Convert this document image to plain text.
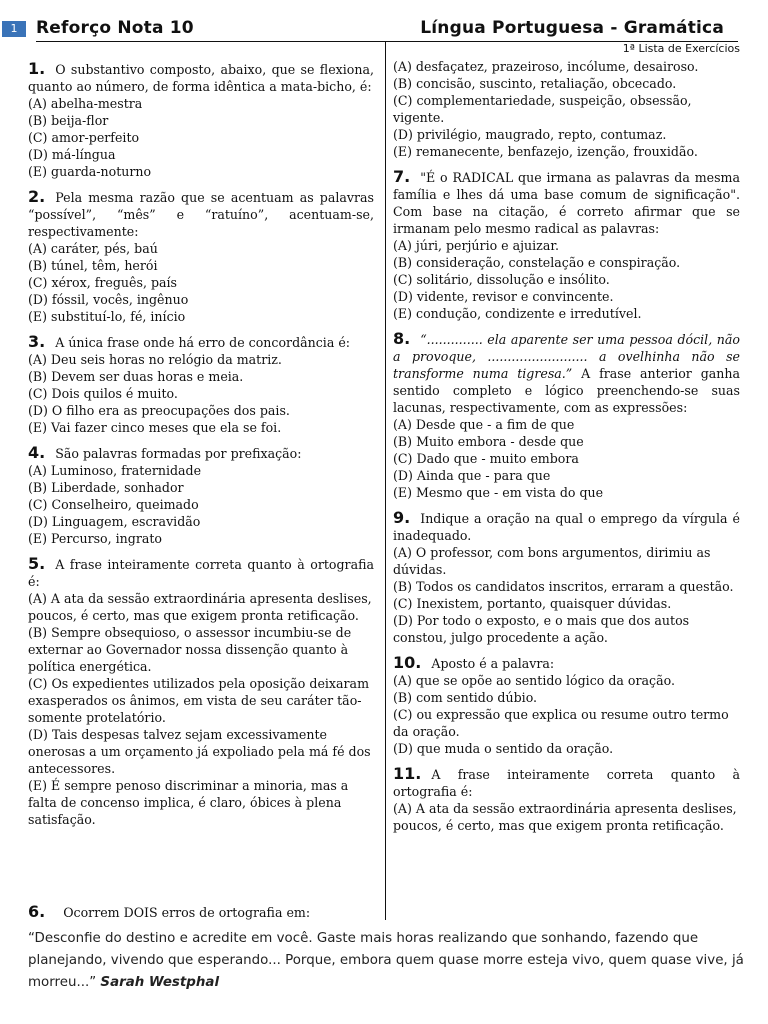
1	Reforço Nota 10	Língua Portuguesa - Gramática
1ª Lista de Exercícios
1. O substantivo composto, abaixo, que se flexiona, quanto ao número, de forma idêntica a mata-bicho, é:
(A) abelha-mestra
(B) beija-flor
(C) amor-perfeito
(D) má-língua
(E) guarda-noturno
2. Pela mesma razão que se acentuam as palavras “possível”, “mês” e “ratuíno”, acentuam-se, respectivamente:
(A) caráter, pés, baú
(B) túnel, têm, herói
(C) xérox, freguês, país
(D) fóssil, vocês, ingênuo
(E) substituí-lo, fé, início
3. A única frase onde há erro de concordância é:
(A) Deu seis horas no relógio da matriz.
(B) Devem ser duas horas e meia.
(C) Dois quilos é muito.
(D) O filho era as preocupações dos pais.
(E) Vai fazer cinco meses que ela se foi.
4. São palavras formadas por prefixação:
(A) Luminoso, fraternidade
(B) Liberdade, sonhador
(C) Conselheiro, queimado
(D) Linguagem, escravidão
(E) Percurso, ingrato
5. A frase inteiramente correta quanto à ortografia é:
(A) A ata da sessão extraordinária apresenta deslises, poucos, é certo, mas que exigem pronta retificação.
(B) Sempre obsequioso, o assessor incumbiu-se de externar ao Governador nossa dissenção quanto à política energética.
(C) Os expedientes utilizados pela oposição deixaram exasperados os ânimos, em vista de seu caráter tão-somente protelatório.
(D) Tais despesas talvez sejam excessivamente onerosas a um orçamento já expoliado pela má fé dos antecessores.
(E) É sempre penoso discriminar a minoria, mas a falta de concenso implica, é claro, óbices à plena satisfação.
(A) desfaçatez, prazeiroso, incólume, desairoso.
(B) concisão, suscinto, retaliação, obcecado.
(C) complementariedade, suspeição, obsessão, vigente.
(D) privilégio, maugrado, repto, contumaz.
(E) remanecente, benfazejo, izenção, frouxidão.
7. "É o RADICAL que irmana as palavras da mesma família e lhes dá uma base comum de significação". Com base na citação, é correto afirmar que se irmanam pelo mesmo radical as palavras:
(A) júri, perjúrio e ajuizar.
(B) consideração, constelação e conspiração.
(C) solitário, dissolução e insólito.
(D) vidente, revisor e convincente.
(E) condução, condizente e irredutível.
8. “.............. ela aparente ser uma pessoa dócil, não a provoque, ......................... a ovelhinha não se transforme numa tigresa.” A frase anterior ganha sentido completo e lógico preenchendo-se suas lacunas, respectivamente, com as expressões:
(A) Desde que - a fim de que
(B) Muito embora - desde que
(C) Dado que - muito embora
(D) Ainda que - para que
(E) Mesmo que - em vista do que
9. Indique a oração na qual o emprego da vírgula é inadequado.
(A) O professor, com bons argumentos, dirimiu as dúvidas.
(B) Todos os candidatos inscritos, erraram a questão.
(C) Inexistem, portanto, quaisquer dúvidas.
(D) Por todo o exposto, e o mais que dos autos constou, julgo procedente a ação.
10. Aposto é a palavra:
(A) que se opõe ao sentido lógico da oração.
(B) com sentido dúbio.
(C) ou expressão que explica ou resume outro termo da oração.
(D) que muda o sentido da oração.
11. A frase inteiramente correta quanto à ortografia é:
(A) A ata da sessão extraordinária apresenta deslises, poucos, é certo, mas que exigem pronta retificação.
6. Ocorrem DOIS erros de ortografia em:
“Desconfie do destino e acredite em você. Gaste mais horas realizando que sonhando, fazendo que planejando, vivendo que esperando... Porque, embora quem quase morre esteja vivo, quem quase vive, já morreu...” Sarah Westphal
